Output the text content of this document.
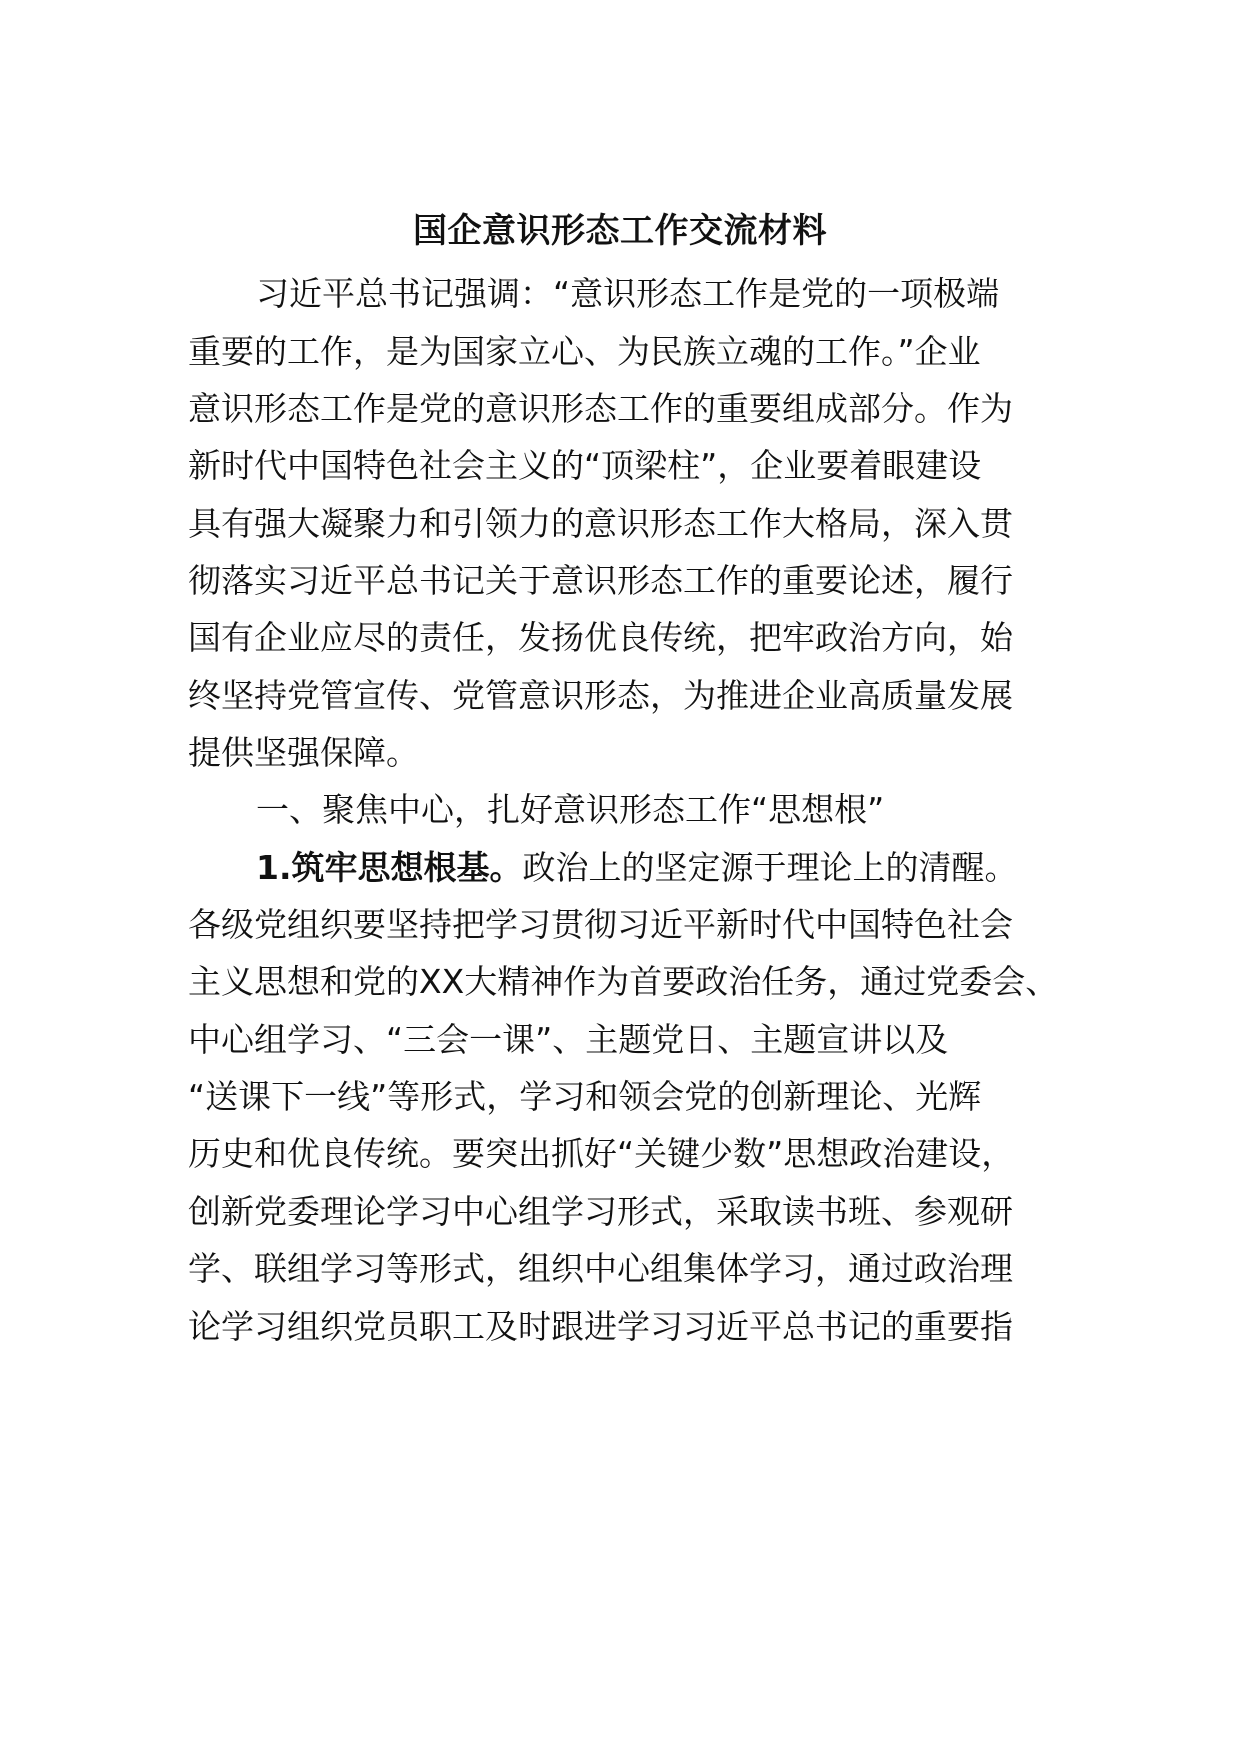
国企意识形态工作交流材料
习近平总书记强调：“意识形态工作是党的一项极端
重要的工作，是为国家立心、为民族立魂的工作。”企业
意识形态工作是党的意识形态工作的重要组成部分。作为
新时代中国特色社会主义的“顶梁柱”，企业要着眼建设
具有强大凝聚力和引领力的意识形态工作大格局，深入贯
彻落实习近平总书记关于意识形态工作的重要论述，履行
国有企业应尽的责任，发扬优良传统，把牢政治方向，始
终坚持党管宣传、党管意识形态，为推进企业高质量发展
提供坚强保障。
一、聚焦中心，扎好意识形态工作“思想根”
1.筑牢思想根基。政治上的坚定源于理论上的清醒。
各级党组织要坚持把学习贯彻习近平新时代中国特色社会
主义思想和党的XX大精神作为首要政治任务，通过党委会、
中心组学习、“三会一课”、主题党日、主题宣讲以及
“送课下一线”等形式，学习和领会党的创新理论、光辉
历史和优良传统。要突出抓好“关键少数”思想政治建设，
创新党委理论学习中心组学习形式，采取读书班、参观研
学、联组学习等形式，组织中心组集体学习，通过政治理
论学习组织党员职工及时跟进学习习近平总书记的重要指
